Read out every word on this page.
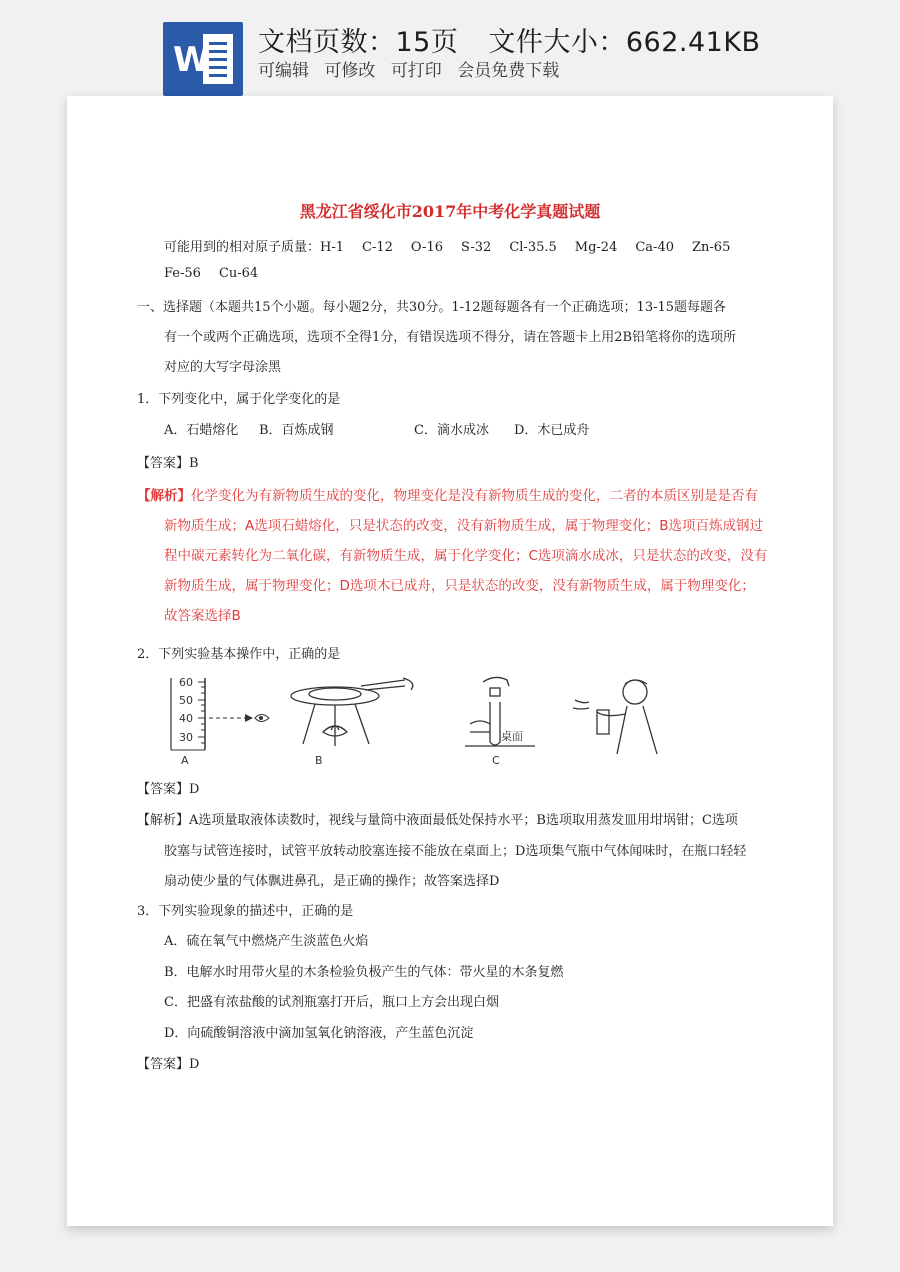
W 文档页数：15页 文件大小：662.41KB
可编辑 可修改 可打印 会员免费下载
黑龙江省绥化市2017年中考化学真题试题
可能用到的相对原子质量：H-1 C-12 O-16 S-32 Cl-35.5 Mg-24 Ca-40 Zn-65
Fe-56 Cu-64
一、选择题（本题共15个小题。每小题2分，共30分。1-12题每题各有一个正确选项；13-15题每题各
有一个或两个正确选项，选项不全得1分，有错误选项不得分，请在答题卡上用2B铅笔将你的选项所
对应的大写字母涂黑
1．下列变化中，属于化学变化的是
A．石蜡熔化 B．百炼成钢	C．滴水成冰 D．木已成舟
【答案】B
【解析】化学变化为有新物质生成的变化，物理变化是没有新物质生成的变化，二者的本质区别是是否有
新物质生成；A选项石蜡熔化，只是状态的改变，没有新物质生成，属于物理变化；B选项百炼成钢过
程中碳元素转化为二氧化碳，有新物质生成，属于化学变化；C选项滴水成冰，只是状态的改变，没有
新物质生成，属于物理变化；D选项木已成舟，只是状态的改变，没有新物质生成，属于物理变化；
故答案选择B
2．下列实验基本操作中，正确的是
60
50
40
30
A	B
桌面
C
【答案】D
【解析】A选项量取液体读数时，视线与量筒中液面最低处保持水平；B选项取用蒸发皿用坩埚钳；C选项
胶塞与试管连接时，试管平放转动胶塞连接不能放在桌面上；D选项集气瓶中气体闻味时，在瓶口轻轻
扇动使少量的气体飘进鼻孔，是正确的操作；故答案选择D
3．下列实验现象的描述中，正确的是
A．硫在氧气中燃烧产生淡蓝色火焰
B．电解水时用带火星的木条检验负极产生的气体：带火星的木条复燃
C．把盛有浓盐酸的试剂瓶塞打开后，瓶口上方会出现白烟
D．向硫酸铜溶液中滴加氢氧化钠溶液，产生蓝色沉淀
【答案】D
